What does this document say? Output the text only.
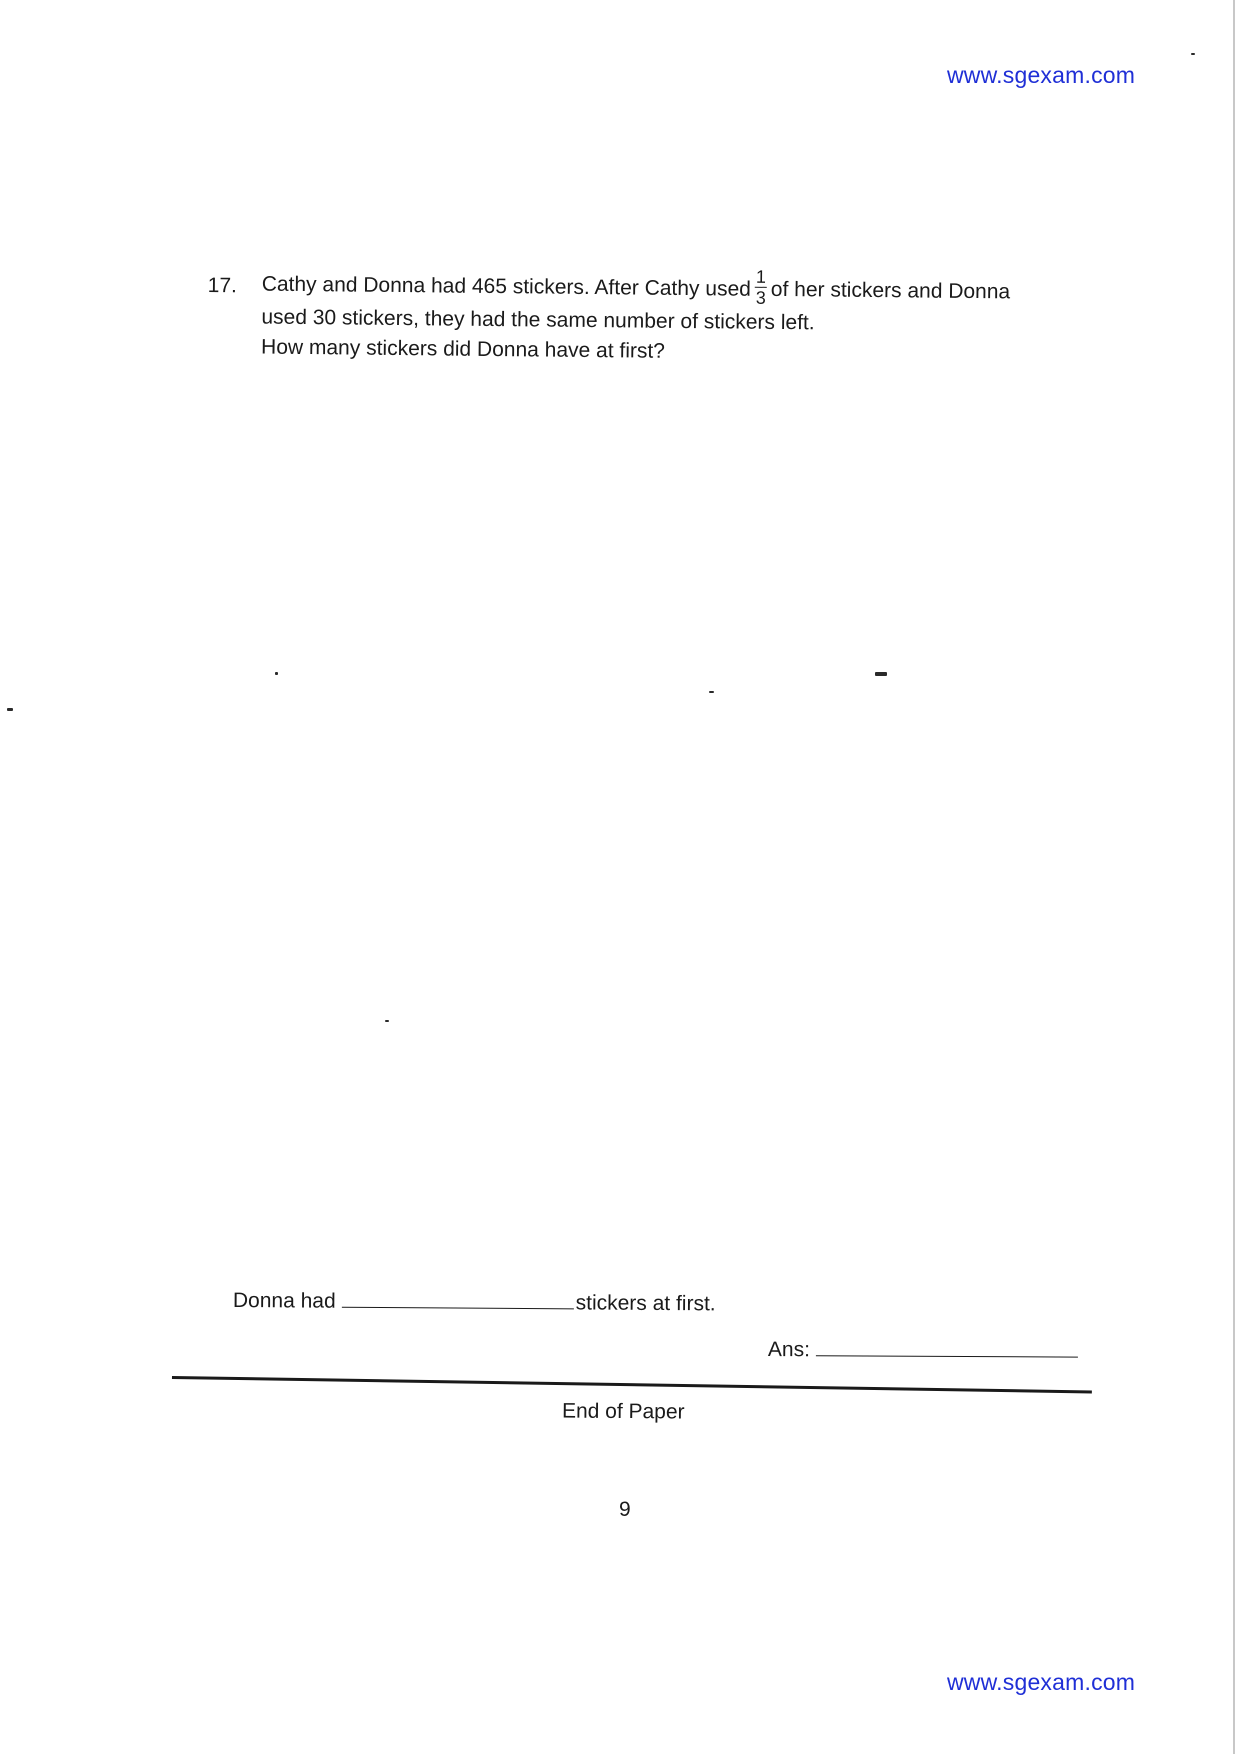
www.sgexam.com
17. Cathy and Donna had 465 stickers. After Cathy used $\frac{1}{3}$ of her stickers and Donna
used 30 stickers, they had the same number of stickers left.
How many stickers did Donna have at first?
Donna had	stickers at first.
Ans:
End of Paper
9
www.sgexam.com
